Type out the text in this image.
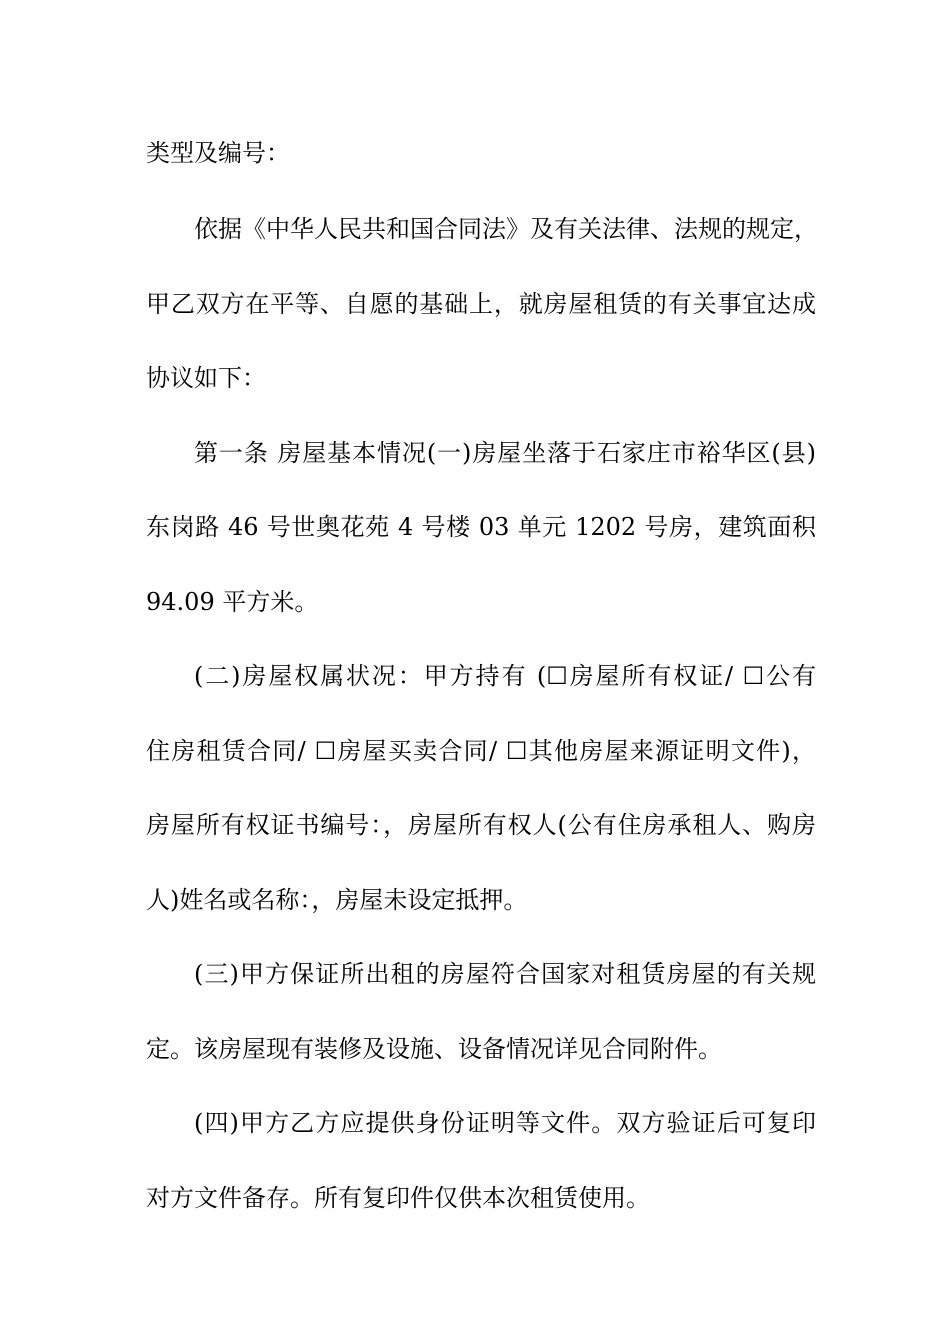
类型及编号：
依据《中华人民共和国合同法》及有关法律、法规的规定，
甲乙双方在平等、自愿的基础上，就房屋租赁的有关事宜达成
协议如下：
第一条 房屋基本情况(一)房屋坐落于石家庄市裕华区(县)
东岗路 46 号世奥花苑 4 号楼 03 单元 1202 号房，建筑面积
94.09 平方米。
(二)房屋权属状况：甲方持有 (☐房屋所有权证/ ☐公有
住房租赁合同/ ☐房屋买卖合同/ ☐其他房屋来源证明文件)，
房屋所有权证书编号：，房屋所有权人(公有住房承租人、购房
人)姓名或名称：，房屋未设定抵押。
(三)甲方保证所出租的房屋符合国家对租赁房屋的有关规
定。该房屋现有装修及设施、设备情况详见合同附件。
(四)甲方乙方应提供身份证明等文件。双方验证后可复印
对方文件备存。所有复印件仅供本次租赁使用。
